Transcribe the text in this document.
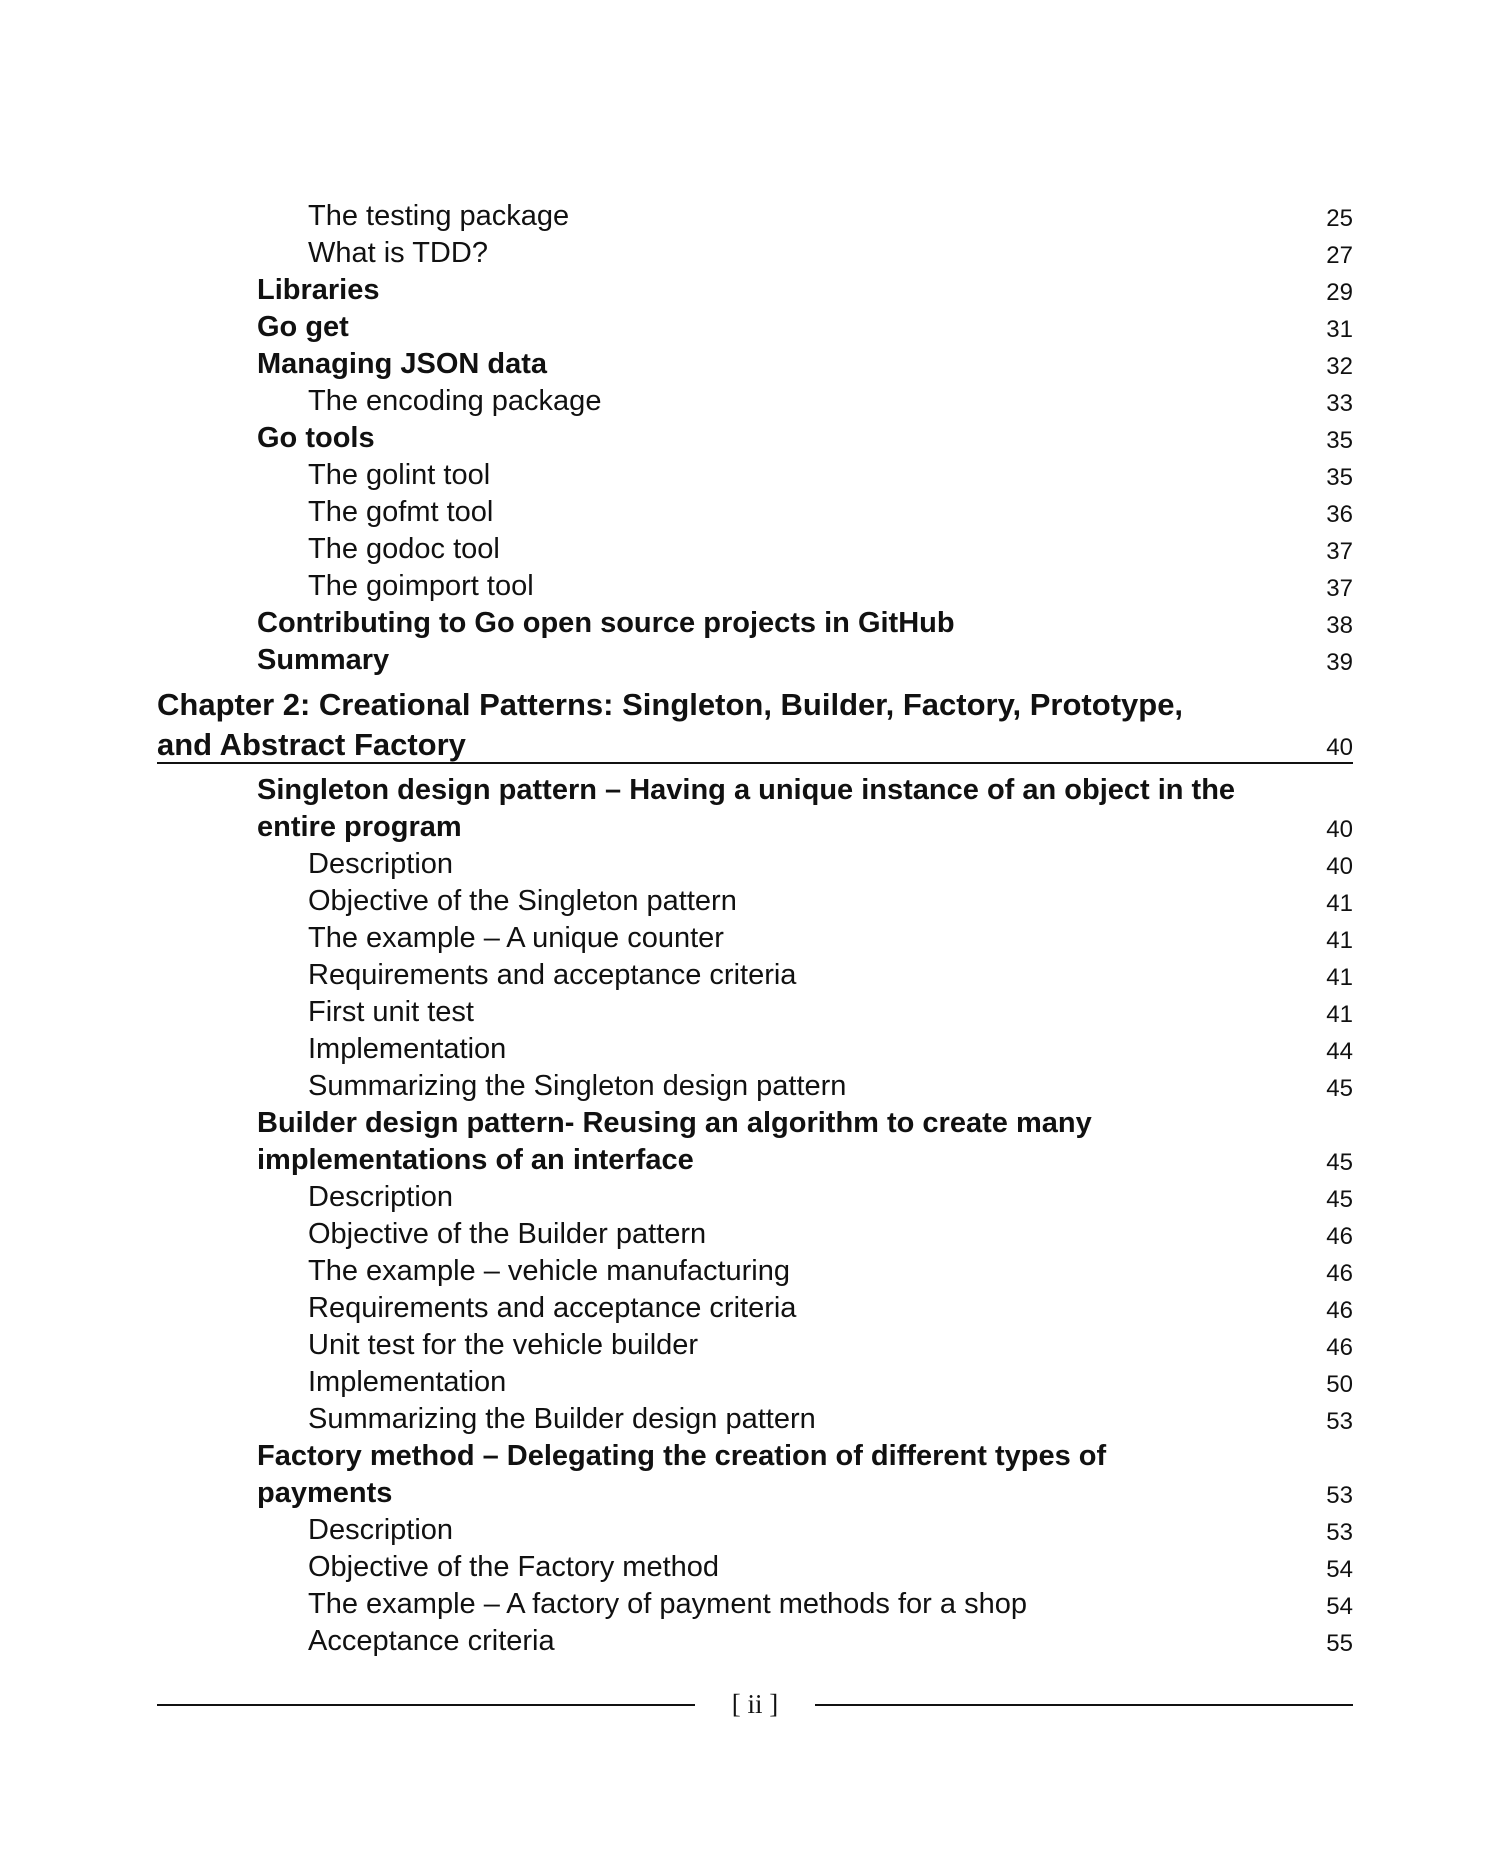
The testing package	25
What is TDD?	27
Libraries	29
Go get	31
Managing JSON data	32
The encoding package	33
Go tools	35
The golint tool	35
The gofmt tool	36
The godoc tool	37
The goimport tool	37
Contributing to Go open source projects in GitHub	38
Summary	39
Chapter 2: Creational Patterns: Singleton, Builder, Factory, Prototype,
and Abstract Factory	40
Singleton design pattern – Having a unique instance of an object in the
entire program	40
Description	40
Objective of the Singleton pattern	41
The example – A unique counter	41
Requirements and acceptance criteria	41
First unit test	41
Implementation	44
Summarizing the Singleton design pattern	45
Builder design pattern- Reusing an algorithm to create many
implementations of an interface	45
Description	45
Objective of the Builder pattern	46
The example – vehicle manufacturing	46
Requirements and acceptance criteria	46
Unit test for the vehicle builder	46
Implementation	50
Summarizing the Builder design pattern	53
Factory method – Delegating the creation of different types of
payments	53
Description	53
Objective of the Factory method	54
The example – A factory of payment methods for a shop	54
Acceptance criteria	55
[ ii ]
